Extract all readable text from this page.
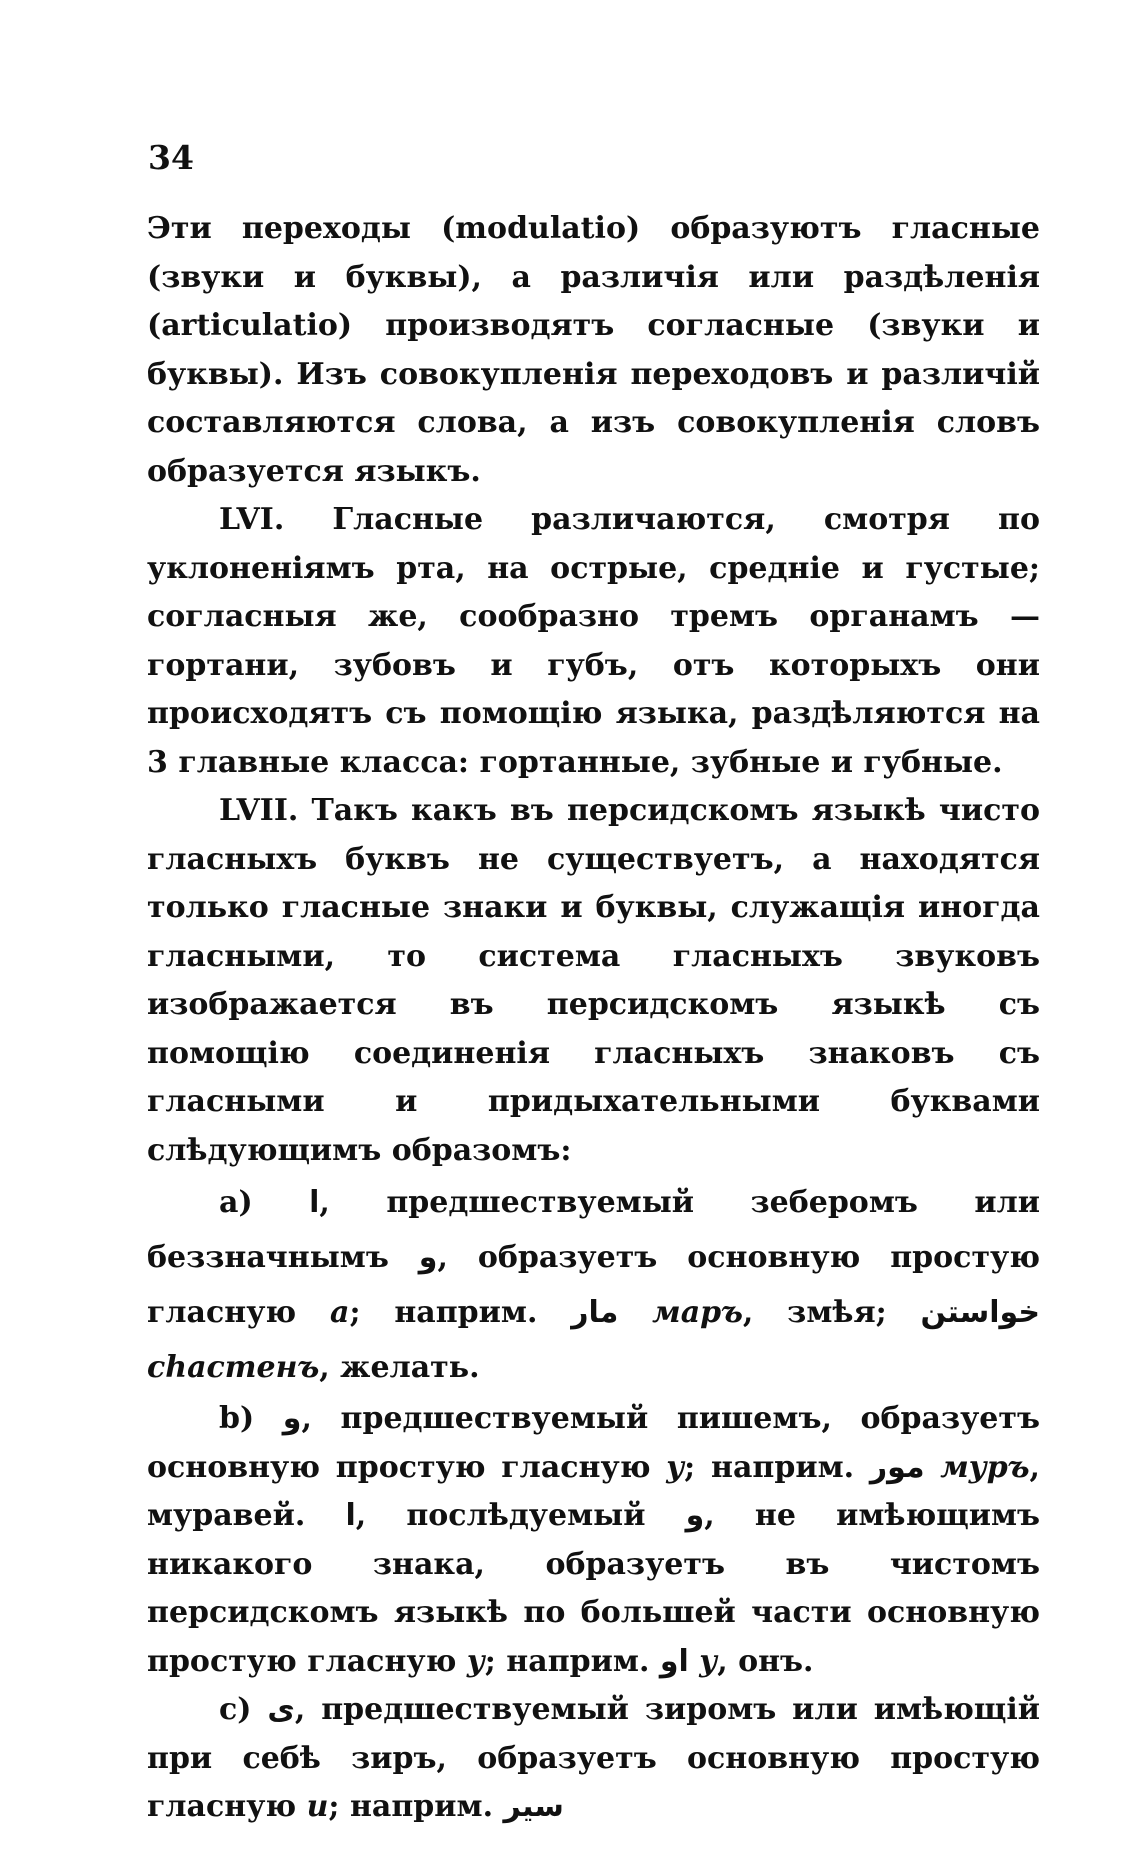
34

Эти переходы (modulatio) образуютъ гласные (звуки и буквы), а различія или раздѣленія (articulatio) производятъ согласные (звуки и буквы). Изъ совокупленія переходовъ и различій составляются слова, а изъ совокупленія словъ образуется языкъ.

LVI. Гласные различаются, смотря по уклоненіямъ рта, на острые, средніе и густые; согласныя же, сообразно тремъ органамъ — гортани, зубовъ и губъ, отъ которыхъ они происходятъ съ помощію языка, раздѣляются на 3 главные класса: гортанные, зубные и губные.

LVII. Такъ какъ въ персидскомъ языкѣ чисто гласныхъ буквъ не существуетъ, а находятся только гласные знаки и буквы, служащія иногда гласными, то система гласныхъ звуковъ изображается въ персидскомъ языкѣ съ помощію соединенія гласныхъ знаковъ съ гласными и придыхательными буквами слѣдующимъ образомъ:

a) ا, предшествуемый зеберомъ или беззначнымъ و, образуетъ основную простую гласную а; наприм. مار маръ, змѣя; خواستن chастенъ, желать.

b) و, предшествуемый пишемъ, образуетъ основную простую гласную у; наприм. مور муръ, муравей. ا, послѣдуемый و, не имѣющимъ никакого знака, образуетъ въ чистомъ персидскомъ языкѣ по большей части основную простую гласную у; наприм. او у, онъ.

c) ى, предшествуемый зиромъ или имѣющій при себѣ зиръ, образуетъ основную простую гласную и; наприм. سير
